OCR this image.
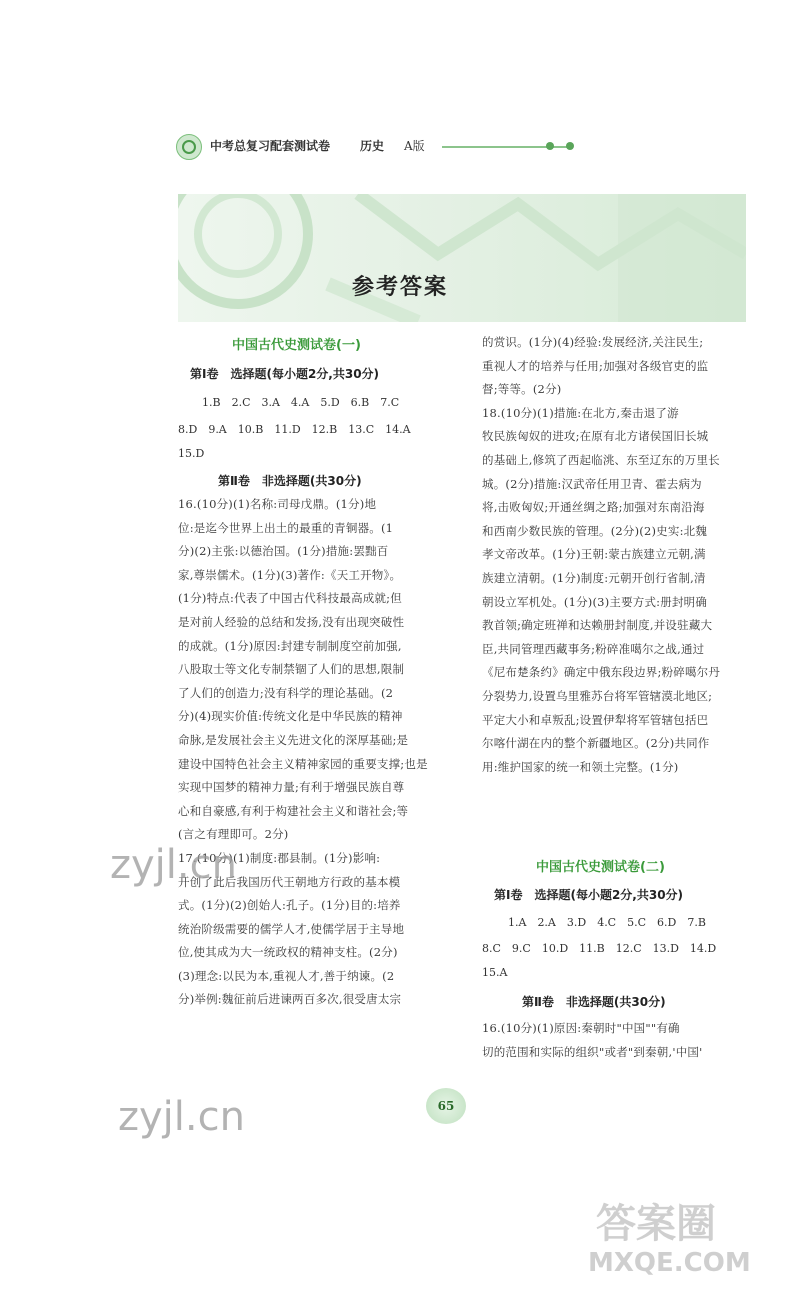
中考总复习配套测试卷 历史 A版
参考答案
中国古代史测试卷(一)
第Ⅰ卷　选择题(每小题2分,共30分)
1.B　2.C　3.A　4.A　5.D　6.B　7.C
8.D　9.A　10.B　11.D　12.B　13.C　14.A
15.D
第Ⅱ卷　非选择题(共30分)
16.(10分)(1)名称:司母戊鼎。(1分)地
位:是迄今世界上出土的最重的青铜器。(1
分)(2)主张:以德治国。(1分)措施:罢黜百
家,尊崇儒术。(1分)(3)著作:《天工开物》。
(1分)特点:代表了中国古代科技最高成就;但
是对前人经验的总结和发扬,没有出现突破性
的成就。(1分)原因:封建专制制度空前加强,
八股取士等文化专制禁锢了人们的思想,限制
了人们的创造力;没有科学的理论基础。(2
分)(4)现实价值:传统文化是中华民族的精神
命脉,是发展社会主义先进文化的深厚基础;是
建设中国特色社会主义精神家园的重要支撑;也是
实现中国梦的精神力量;有利于增强民族自尊
心和自豪感,有利于构建社会主义和谐社会;等
(言之有理即可。2分)
17.(10分)(1)制度:郡县制。(1分)影响:
开创了此后我国历代王朝地方行政的基本模
式。(1分)(2)创始人:孔子。(1分)目的:培养
统治阶级需要的儒学人才,使儒学居于主导地
位,使其成为大一统政权的精神支柱。(2分)
(3)理念:以民为本,重视人才,善于纳谏。(2
分)举例:魏征前后进谏两百多次,很受唐太宗
的赏识。(1分)(4)经验:发展经济,关注民生;
重视人才的培养与任用;加强对各级官吏的监
督;等等。(2分)
18.(10分)(1)措施:在北方,秦击退了游
牧民族匈奴的进攻;在原有北方诸侯国旧长城
的基础上,修筑了西起临洮、东至辽东的万里长
城。(2分)措施:汉武帝任用卫青、霍去病为
将,击败匈奴;开通丝绸之路;加强对东南沿海
和西南少数民族的管理。(2分)(2)史实:北魏
孝文帝改革。(1分)王朝:蒙古族建立元朝,满
族建立清朝。(1分)制度:元朝开创行省制,清
朝设立军机处。(1分)(3)主要方式:册封明确
教首领;确定班禅和达赖册封制度,并设驻藏大
臣,共同管理西藏事务;粉碎准噶尔之战,通过
《尼布楚条约》确定中俄东段边界;粉碎噶尔丹
分裂势力,设置乌里雅苏台将军管辖漠北地区;
平定大小和卓叛乱;设置伊犁将军管辖包括巴
尔喀什湖在内的整个新疆地区。(2分)共同作
用:维护国家的统一和领土完整。(1分)
中国古代史测试卷(二)
第Ⅰ卷　选择题(每小题2分,共30分)
1.A　2.A　3.D　4.C　5.C　6.D　7.B
8.C　9.C　10.D　11.B　12.C　13.D　14.D
15.A
第Ⅱ卷　非选择题(共30分)
16.(10分)(1)原因:秦朝时"中国""有确
切的范围和实际的组织"或者"到秦朝,'中国'
65
zyjl.cn
zyjl.cn
答案圈
MXQE.COM
